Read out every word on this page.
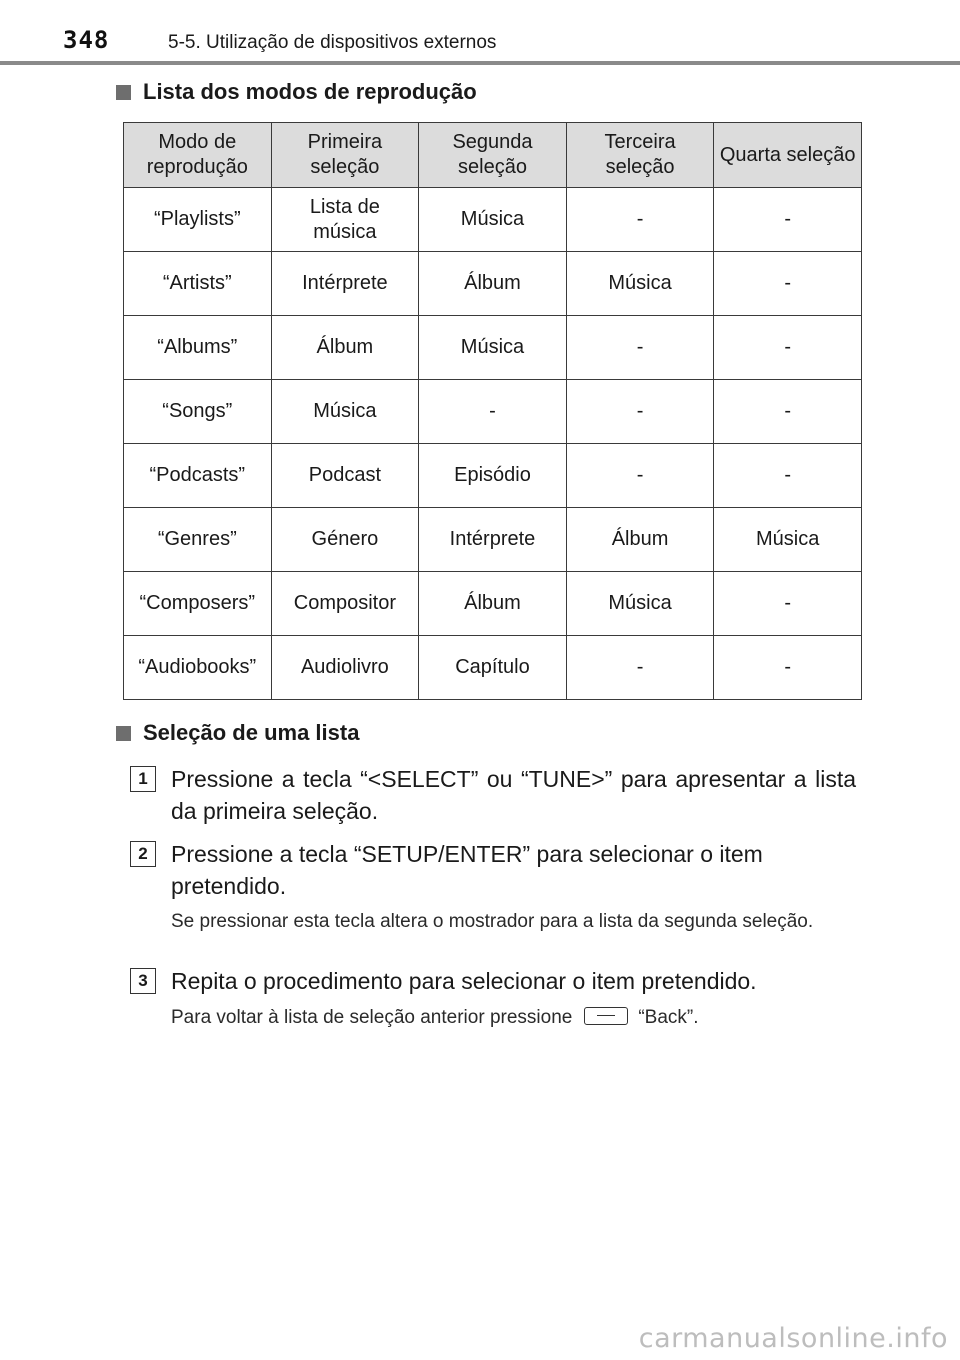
348	5-5. Utilização de dispositivos externos
Lista dos modos de reprodução
Modo de reprodução	Primeira seleção	Segunda seleção	Terceira seleção	Quarta seleção
“Playlists”	Lista de música	Música	-	-
“Artists”	Intérprete	Álbum	Música	-
“Albums”	Álbum	Música	-	-
“Songs”	Música	-	-	-
“Podcasts”	Podcast	Episódio	-	-
“Genres”	Género	Intérprete	Álbum	Música
“Composers”	Compositor	Álbum	Música	-
“Audiobooks”	Audiolivro	Capítulo	-	-
Seleção de uma lista
1	Pressione a tecla “<SELECT” ou “TUNE>” para apresentar a lista da primeira seleção.
2	Pressione a tecla “SETUP/ENTER” para selecionar o item pretendido.
Se pressionar esta tecla altera o mostrador para a lista da segunda seleção.
3	Repita o procedimento para selecionar o item pretendido.
Para voltar à lista de seleção anterior pressione	“Back”.
carmanualsonline.info
